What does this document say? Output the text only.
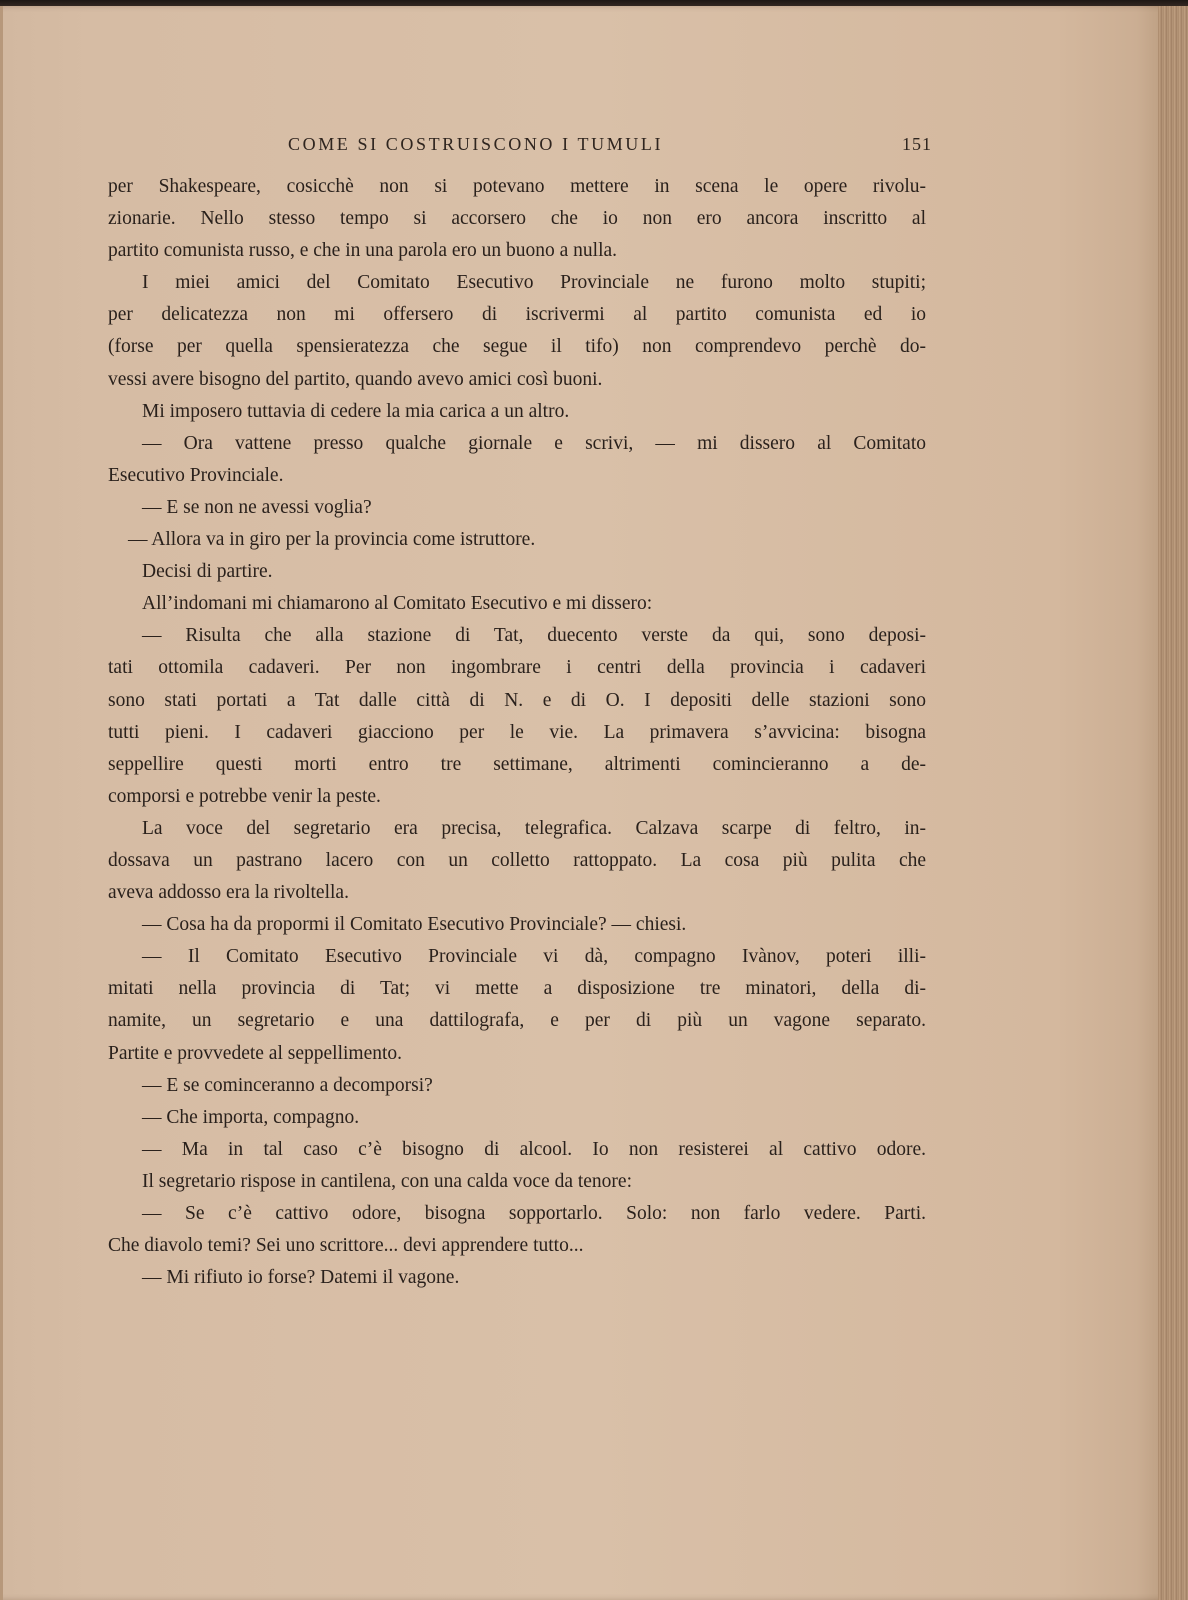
COME SI COSTRUISCONO I TUMULI	151
per Shakespeare, cosicchè non si potevano mettere in scena le opere rivolu-
zionarie. Nello stesso tempo si accorsero che io non ero ancora inscritto al
partito comunista russo, e che in una parola ero un buono a nulla.
I miei amici del Comitato Esecutivo Provinciale ne furono molto stupiti;
per delicatezza non mi offersero di iscrivermi al partito comunista ed io
(forse per quella spensieratezza che segue il tifo) non comprendevo perchè do-
vessi avere bisogno del partito, quando avevo amici così buoni.
Mi imposero tuttavia di cedere la mia carica a un altro.
— Ora vattene presso qualche giornale e scrivi, — mi dissero al Comitato
Esecutivo Provinciale.
— E se non ne avessi voglia?
— Allora va in giro per la provincia come istruttore.
Decisi di partire.
All’indomani mi chiamarono al Comitato Esecutivo e mi dissero:
— Risulta che alla stazione di Tat, duecento verste da qui, sono deposi-
tati ottomila cadaveri. Per non ingombrare i centri della provincia i cadaveri
sono stati portati a Tat dalle città di N. e di O. I depositi delle stazioni sono
tutti pieni. I cadaveri giacciono per le vie. La primavera s’avvicina: bisogna
seppellire questi morti entro tre settimane, altrimenti comincieranno a de-
comporsi e potrebbe venir la peste.
La voce del segretario era precisa, telegrafica. Calzava scarpe di feltro, in-
dossava un pastrano lacero con un colletto rattoppato. La cosa più pulita che
aveva addosso era la rivoltella.
— Cosa ha da propormi il Comitato Esecutivo Provinciale? — chiesi.
— Il Comitato Esecutivo Provinciale vi dà, compagno Ivànov, poteri illi-
mitati nella provincia di Tat; vi mette a disposizione tre minatori, della di-
namite, un segretario e una dattilografa, e per di più un vagone separato.
Partite e provvedete al seppellimento.
— E se cominceranno a decomporsi?
— Che importa, compagno.
— Ma in tal caso c’è bisogno di alcool. Io non resisterei al cattivo odore.
Il segretario rispose in cantilena, con una calda voce da tenore:
— Se c’è cattivo odore, bisogna sopportarlo. Solo: non farlo vedere. Parti.
Che diavolo temi? Sei uno scrittore... devi apprendere tutto...
— Mi rifiuto io forse? Datemi il vagone.
